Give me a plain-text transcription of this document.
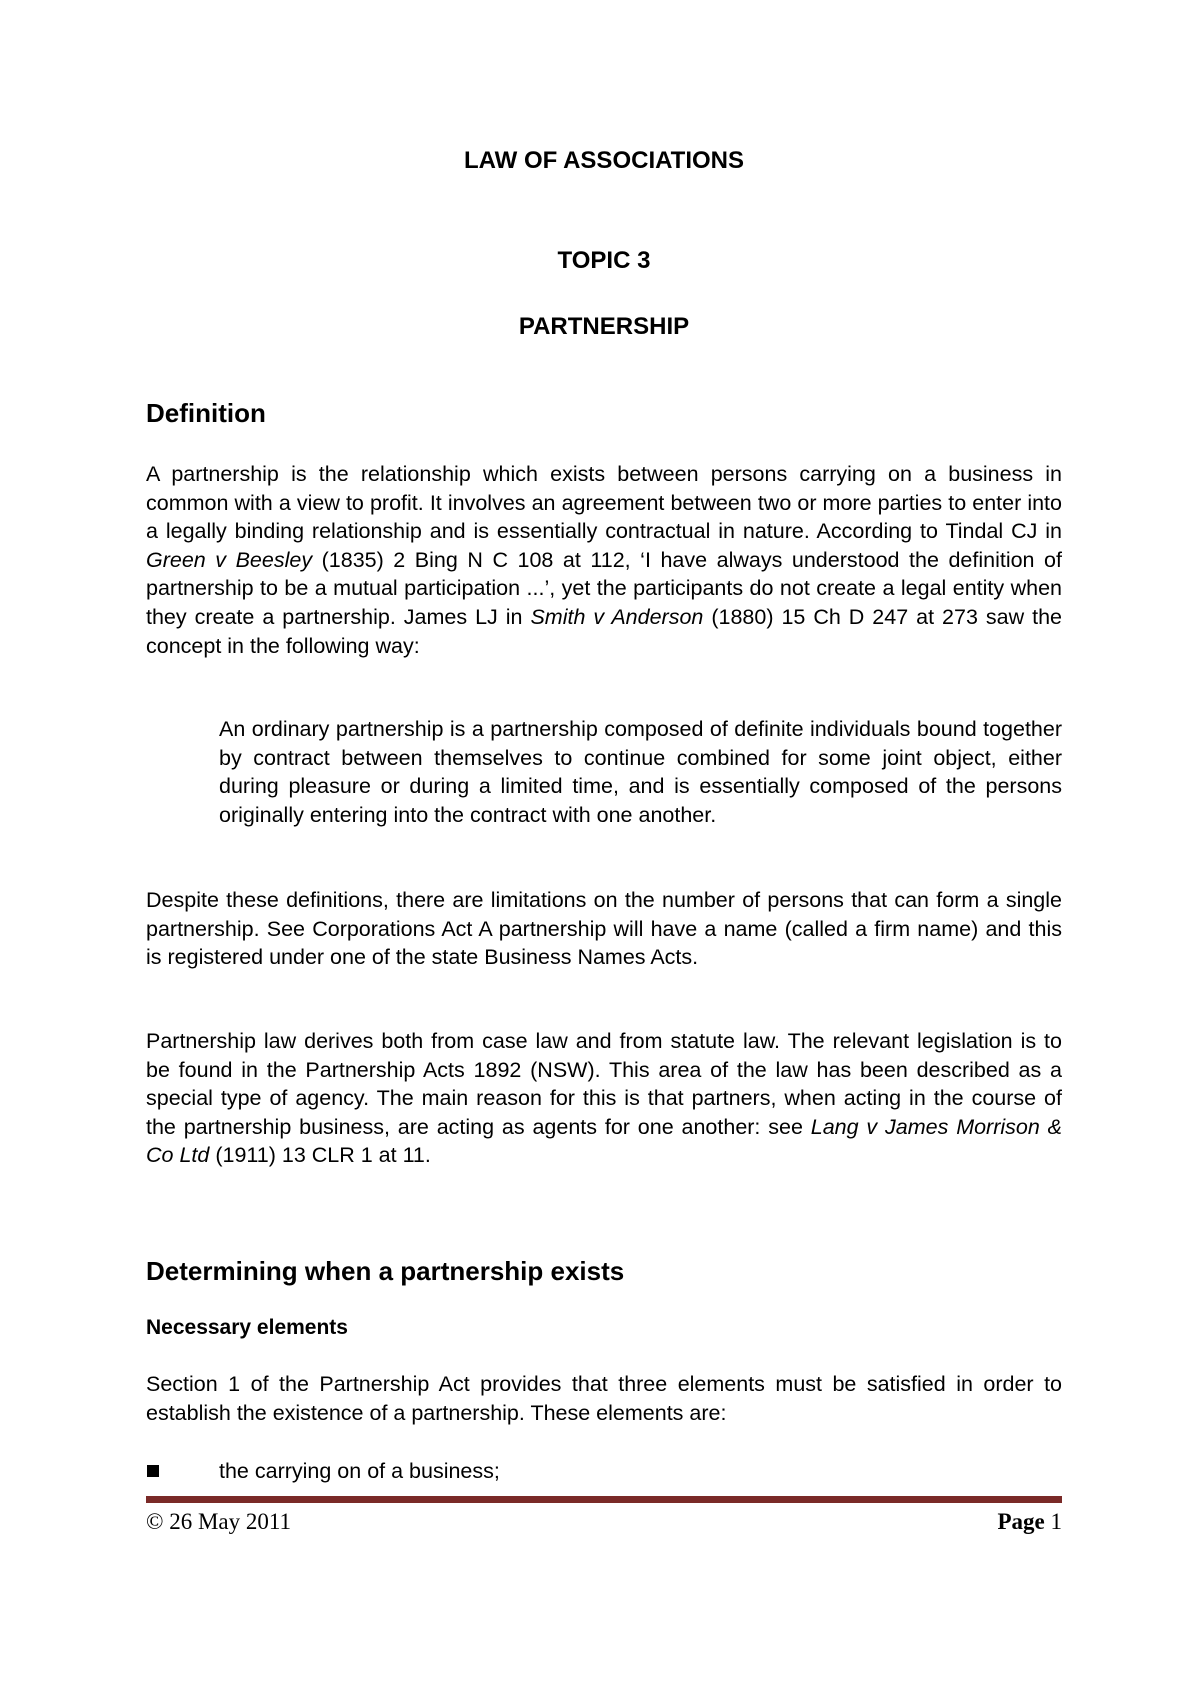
LAW OF ASSOCIATIONS
TOPIC 3
PARTNERSHIP
Definition

A partnership is the relationship which exists between persons carrying on a business in common with a view to profit. It involves an agreement between two or more parties to enter into a legally binding relationship and is essentially contractual in nature. According to Tindal CJ in Green v Beesley (1835) 2 Bing N C 108 at 112, ‘I have always understood the definition of partnership to be a mutual participation ...’, yet the participants do not create a legal entity when they create a partnership. James LJ in Smith v Anderson (1880) 15 Ch D 247 at 273 saw the concept in the following way:

An ordinary partnership is a partnership composed of definite individuals bound together by contract between themselves to continue combined for some joint object, either during pleasure or during a limited time, and is essentially composed of the persons originally entering into the contract with one another.

Despite these definitions, there are limitations on the number of persons that can form a single partnership. See Corporations Act A partnership will have a name (called a firm name) and this is registered under one of the state Business Names Acts.

Partnership law derives both from case law and from statute law. The relevant legislation is to be found in the Partnership Acts 1892 (NSW). This area of the law has been described as a special type of agency. The main reason for this is that partners, when acting in the course of the partnership business, are acting as agents for one another: see Lang v James Morrison & Co Ltd (1911) 13 CLR 1 at 11.

Determining when a partnership exists
Necessary elements

Section 1 of the Partnership Act provides that three elements must be satisfied in order to establish the existence of a partnership. These elements are:

the carrying on of a business;
© 26 May 2011	Page 1
